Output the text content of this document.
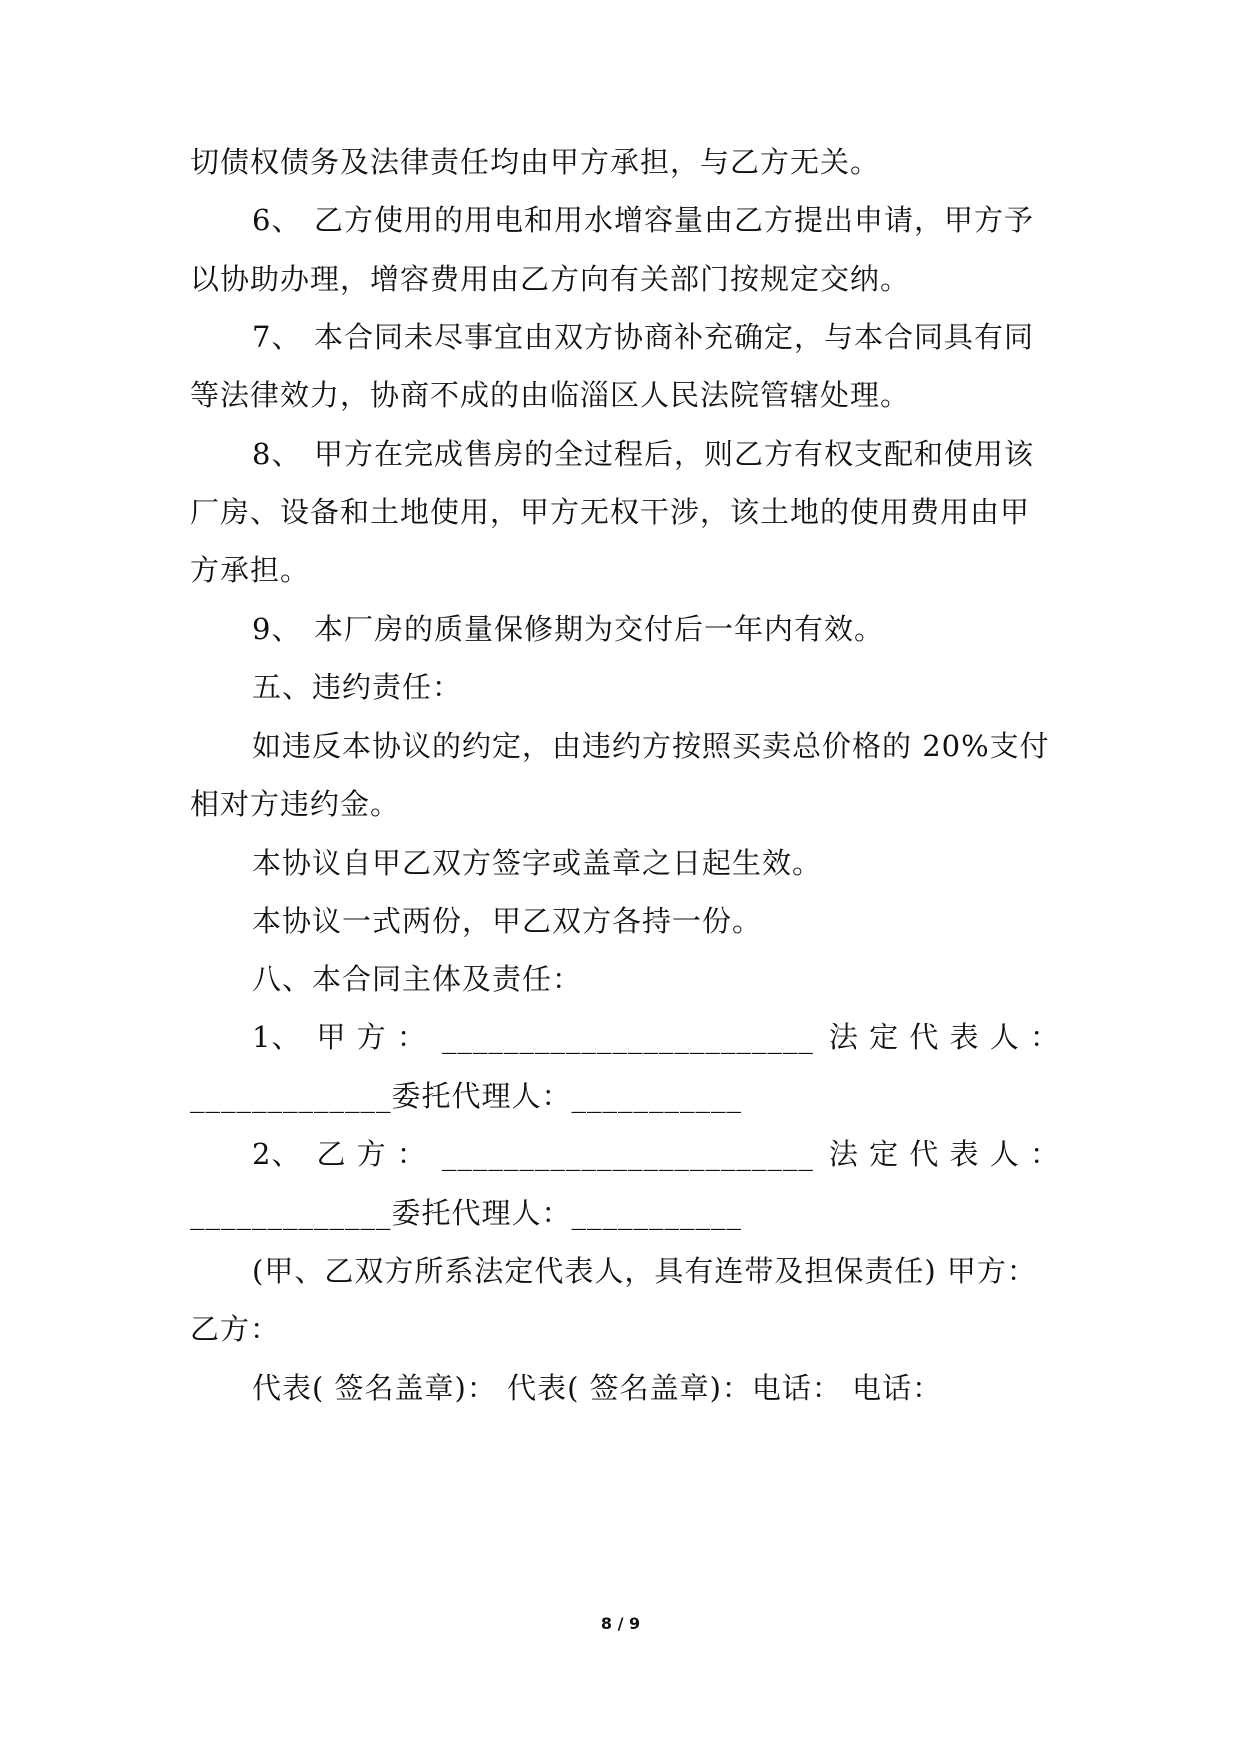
切债权债务及法律责任均由甲方承担，与乙方无关。
6、 乙方使用的用电和用水增容量由乙方提出申请，甲方予
以协助办理，增容费用由乙方向有关部门按规定交纳。
7、 本合同未尽事宜由双方协商补充确定，与本合同具有同
等法律效力，协商不成的由临淄区人民法院管辖处理。
8、 甲方在完成售房的全过程后，则乙方有权支配和使用该
厂房、设备和土地使用，甲方无权干涉，该土地的使用费用由甲
方承担。
9、 本厂房的质量保修期为交付后一年内有效。
五、违约责任：
如违反本协议的约定，由违约方按照买卖总价格的 20%支付
相对方违约金。
本协议自甲乙双方签字或盖章之日起生效。
本协议一式两份，甲乙双方各持一份。
八、本合同主体及责任：
1、 甲 方 ： ________________________ 法 定 代 表 人 ：
_____________委托代理人：___________
2、 乙 方 ： ________________________ 法 定 代 表 人 ：
_____________委托代理人：___________
(甲、乙双方所系法定代表人，具有连带及担保责任) 甲方：
乙方：
代表( 签名盖章)： 代表( 签名盖章)：电话： 电话：
8 / 9
